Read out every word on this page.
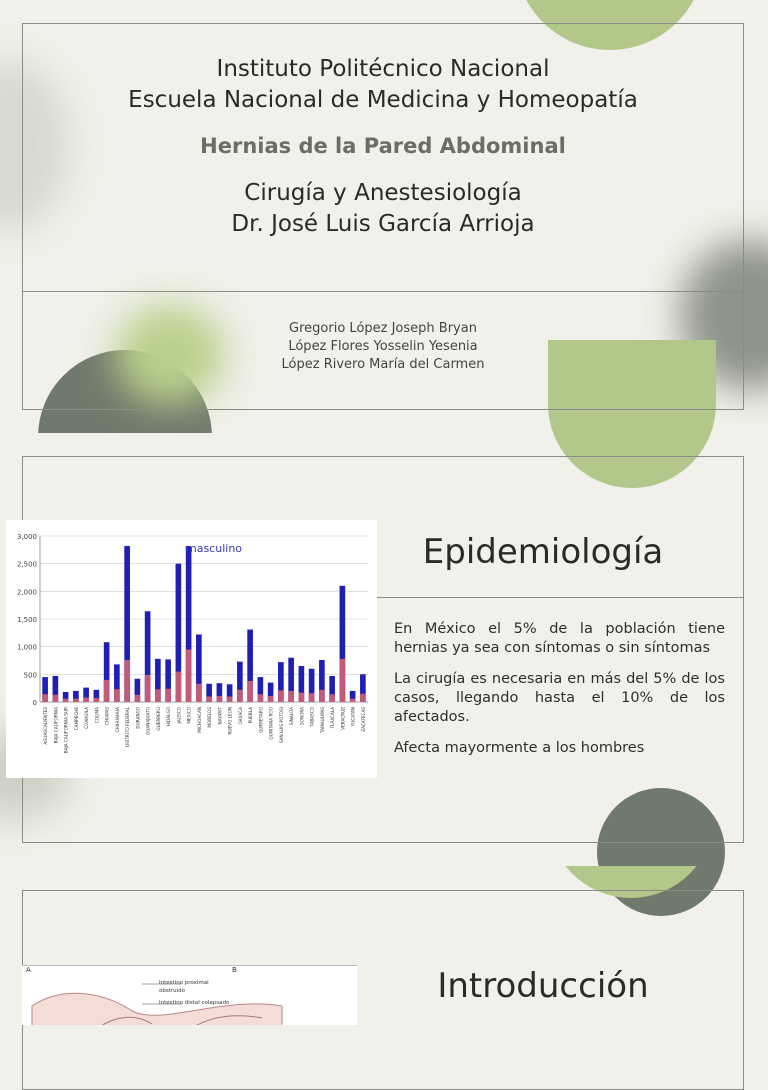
Instituto Politécnico Nacional
Escuela Nacional de Medicina y Homeopatía
Hernias de la Pared Abdominal
Cirugía y Anestesiología
Dr. José Luis García Arrioja
Gregorio López Joseph Bryan
López Flores Yosselin Yesenia
López Rivero María del Carmen
Epidemiología

En México el 5% de la población tiene hernias ya sea con síntomas o sin síntomas

La cirugía es necesaria en más del 5% de los casos, llegando hasta el 10% de los afectados.

Afecta mayormente a los hombres

0
500
1,000
1,500
2,000
2,500
3,000
AGUASCALIENTES BAJA CALIFORNIA BAJA CALIFORNIA SUR CAMPECHE COAHUILA COLIMA CHIAPAS CHIHUAHUA DISTRITO FEDERAL DURANGO GUANAJUATO GUERRERO HIDALGO JALISCO MEXICO MICHOACAN MORELOS NAYARIT NUEVO LEON OAXACA PUEBLA QUERETARO QUINTANA ROO SAN LUIS POTOSI SINALOA SONORA TABASCO TAMAULIPAS TLAXCALA VERACRUZ YUCATAN ZACATECAS
masculino
Introducción
A	B
Intestino proximal
obstruido
Intestino distal colapsado
